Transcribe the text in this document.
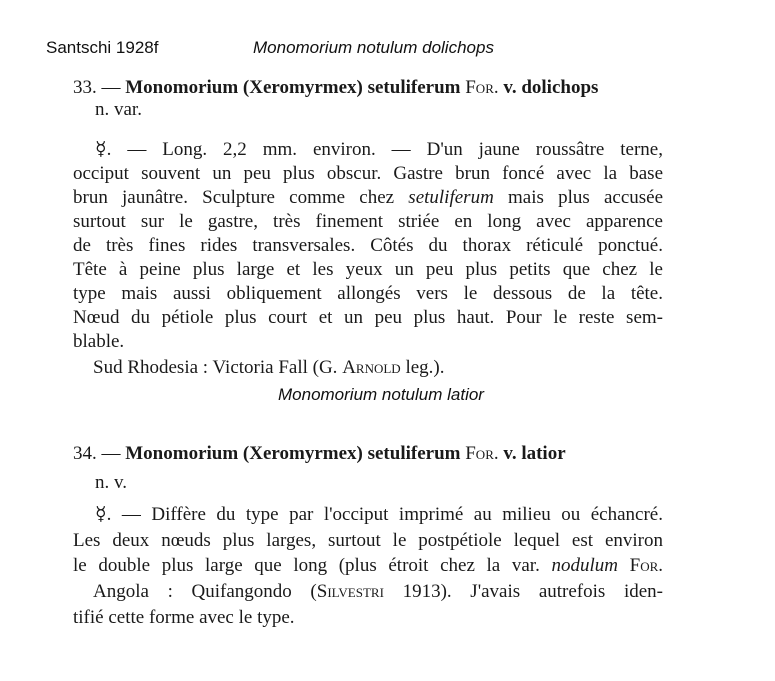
Santschi 1928f	Monomorium notulum dolichops
33. — Monomorium (Xeromyrmex) setuliferum For. v. dolichops
n. var.
☿. — Long. 2,2 mm. environ. — D'un jaune roussâtre terne,
occiput souvent un peu plus obscur. Gastre brun foncé avec la base
brun jaunâtre. Sculpture comme chez setuliferum mais plus accusée
surtout sur le gastre, très finement striée en long avec apparence
de très fines rides transversales. Côtés du thorax réticulé ponctué.
Tête à peine plus large et les yeux un peu plus petits que chez le
type mais aussi obliquement allongés vers le dessous de la tête.
Nœud du pétiole plus court et un peu plus haut. Pour le reste sem-
blable.
Sud Rhodesia : Victoria Fall (G. Arnold leg.).
Monomorium notulum latior
34. — Monomorium (Xeromyrmex) setuliferum For. v. latior
n. v.
☿. — Diffère du type par l'occiput imprimé au milieu ou échancré.
Les deux nœuds plus larges, surtout le postpétiole lequel est environ
le double plus large que long (plus étroit chez la var. nodulum For.
Angola : Quifangondo (Silvestri 1913). J'avais autrefois iden-
tifié cette forme avec le type.
